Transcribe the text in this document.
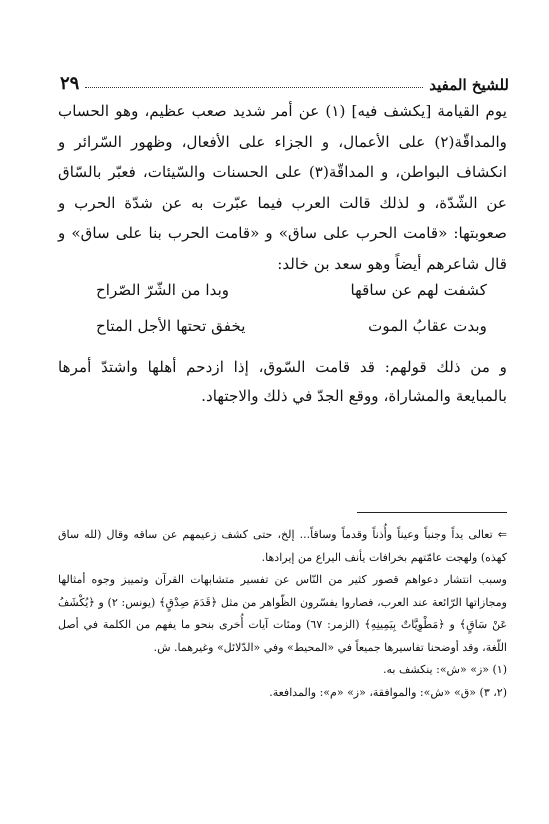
للشيخ المفيد
٢٩

يوم القيامة [يكشف فيه] (١) عن أمر شديد صعب عظيم، وهو الحساب والمداقّة(٢) على الأعمال، و الجزاء على الأفعال، وظهور السّرائر و انكشاف البواطن، و المداقّة(٣) على الحسنات والسّيئات، فعبّر بالسّاق عن الشّدّة، و لذلك قالت العرب فيما عبّرت به عن شدّة الحرب و صعوبتها: «قامت الحرب على ساق» و «قامت الحرب بنا على ساق» و قال شاعرهم أيضاً وهو سعد بن خالد:

كشفت لهم عن ساقها
وبدا من الشّرّ الصّراح
وبدت عقابُ الموت
يخفق تحتها الأجل المتاح

و من ذلك قولهم: قد قامت السّوق، إذا ازدحم أهلها واشتدّ أمرها بالمبايعة والمشاراة، ووقع الجدّ في ذلك والاجتهاد.

⇐ تعالى يداً وجنباً وعيناً وأُذناً وقدماً وساقاً... إلخ، حتى كشف زعيمهم عن ساقه وقال (لله ساق كهذه) ولهجت عامّتهم بخرافات يأنف اليراع من إيرادها.

وسبب انتشار دعواهم قصور كثير من النّاس عن تفسير متشابهات القرآن وتمييز وجوه أمثالها ومجازاتها الرّائعة عند العرب، فصاروا يفسّرون الظّواهر من مثل ﴿قَدَمَ صِدْقٍ﴾ (يونس: ٢) و ﴿يُكْشَفُ عَنْ سَاقٍ﴾ و ﴿مَطْوِيَّاتٌ بِيَمِينِهِ﴾ (الزمر: ٦٧) ومئات آيات أُخرى بنحو ما يفهم من الكلمة في أصل اللّغة، وقد أوضحنا تفاسيرها جميعاً في «المحيط» وفي «الدّلائل» وغيرهما. ش.

(١) «ز» «ش»: ينكشف به.

(٢، ٣) «ق» «ش»: والموافقة، «ز» «م»: والمدافعة.
